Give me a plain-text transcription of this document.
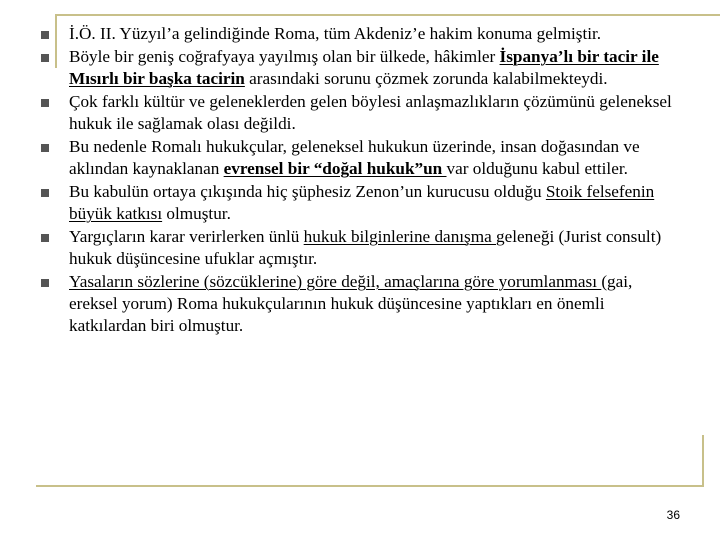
İ.Ö. II. Yüzyıl’a gelindiğinde Roma, tüm Akdeniz’e hakim konuma gelmiştir.
Böyle bir geniş coğrafyaya yayılmış olan bir ülkede, hâkimler İspanya’lı bir tacir ile Mısırlı bir başka tacirin arasındaki sorunu çözmek zorunda kalabilmekteydi.
Çok farklı kültür ve geleneklerden gelen böylesi anlaşmazlıkların çözümünü geleneksel hukuk ile sağlamak olası değildi.
Bu nedenle Romalı hukukçular, geleneksel hukukun üzerinde, insan doğasından ve aklından kaynaklanan evrensel bir “doğal hukuk”un var olduğunu kabul ettiler.
Bu kabulün ortaya çıkışında hiç şüphesiz Zenon’un kurucusu olduğu Stoik felsefenin büyük katkısı olmuştur.
Yargıçların karar verirlerken ünlü hukuk bilginlerine danışma geleneği (Jurist consult) hukuk düşüncesine ufuklar açmıştır.
Yasaların sözlerine (sözcüklerine) göre değil, amaçlarına göre yorumlanması (gai, ereksel yorum) Roma hukukçularının hukuk düşüncesine yaptıkları en önemli katkılardan biri olmuştur.
36
